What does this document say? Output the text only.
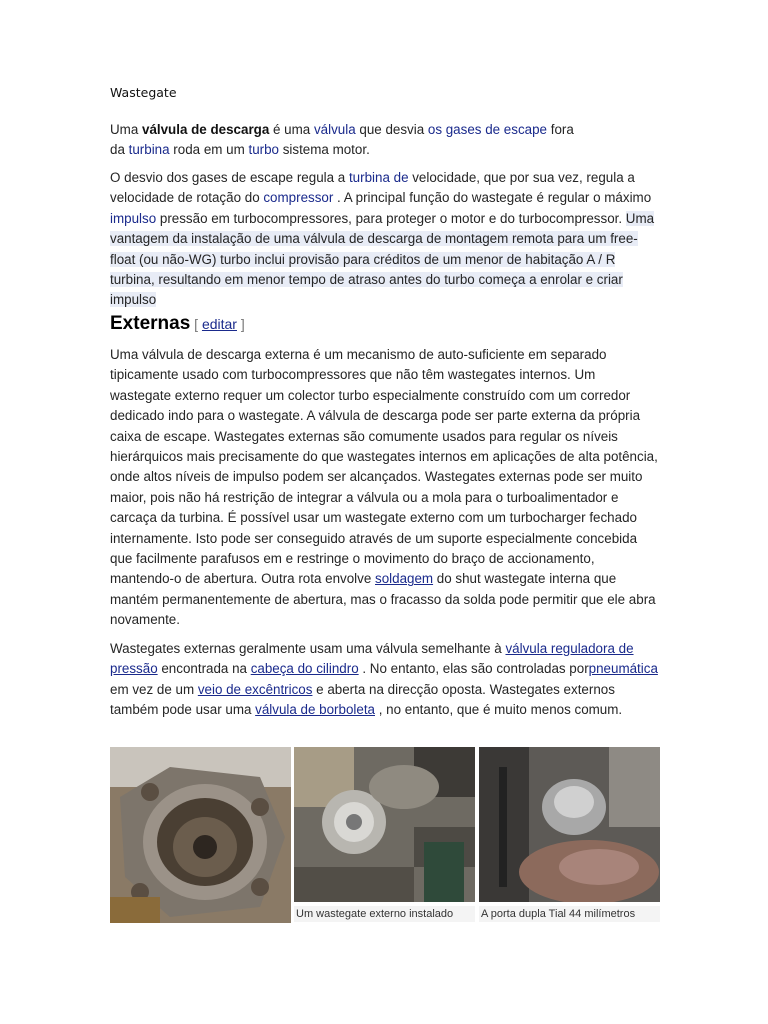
Wastegate

Uma válvula de descarga é uma válvula que desvia os gases de escape fora
da turbina roda em um turbo sistema motor.

O desvio dos gases de escape regula a turbina de velocidade, que por sua vez, regula a velocidade de rotação do compressor . A principal função do wastegate é regular o máximo impulso pressão em turbocompressores, para proteger o motor e do turbocompressor. Uma vantagem da instalação de uma válvula de descarga de montagem remota para um free-float (ou não-WG) turbo inclui provisão para créditos de um menor de habitação A / R turbina, resultando em menor tempo de atraso antes do turbo começa a enrolar e criar impulso

Externas [ editar ]

Uma válvula de descarga externa é um mecanismo de auto-suficiente em separado tipicamente usado com turbocompressores que não têm wastegates internos. Um wastegate externo requer um colector turbo especialmente construído com um corredor dedicado indo para o wastegate. A válvula de descarga pode ser parte externa da própria caixa de escape. Wastegates externas são comumente usados para regular os níveis hierárquicos mais precisamente do que wastegates internos em aplicações de alta potência, onde altos níveis de impulso podem ser alcançados. Wastegates externas pode ser muito maior, pois não há restrição de integrar a válvula ou a mola para o turboalimentador e carcaça da turbina. É possível usar um wastegate externo com um turbocharger fechado internamente. Isto pode ser conseguido através de um suporte especialmente concebida que facilmente parafusos em e restringe o movimento do braço de accionamento, mantendo-o de abertura. Outra rota envolve soldagem do shut wastegate interna que mantém permanentemente de abertura, mas o fracasso da solda pode permitir que ele abra novamente.

Wastegates externas geralmente usam uma válvula semelhante à válvula reguladora de pressão encontrada na cabeça do cilindro . No entanto, elas são controladas porpneumática em vez de um veio de excêntricos e aberta na direcção oposta. Wastegates externos também pode usar uma válvula de borboleta , no entanto, que é muito menos comum.

Um wastegate externo instalado	A porta dupla Tial 44 milímetros
